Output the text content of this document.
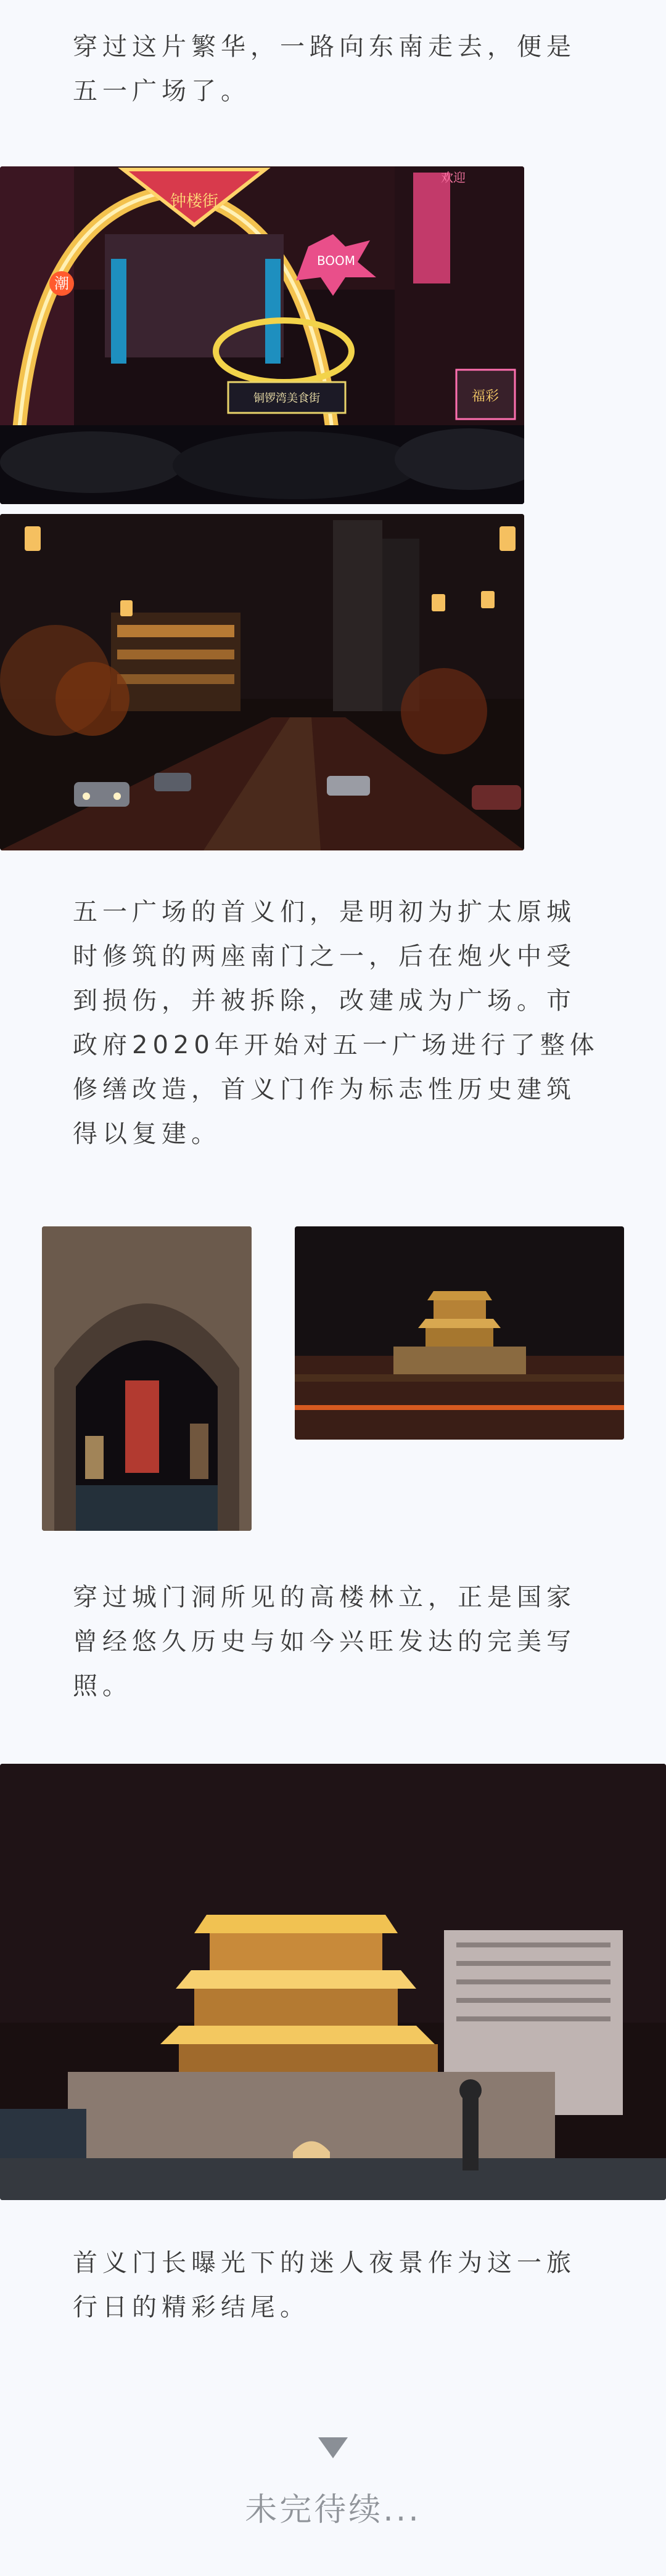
穿过这片繁华，一路向东南走去，便是五一广场了。

钟楼街
潮
BOOM
铜锣湾美食街
欢迎
福彩

五一广场的首义们，是明初为扩太原城时修筑的两座南门之一，后在炮火中受到损伤，并被拆除，改建成为广场。市政府2020年开始对五一广场进行了整体修缮改造，首义门作为标志性历史建筑得以复建。

穿过城门洞所见的高楼林立，正是国家曾经悠久历史与如今兴旺发达的完美写照。

首义门长曝光下的迷人夜景作为这一旅行日的精彩结尾。

未完待续...
